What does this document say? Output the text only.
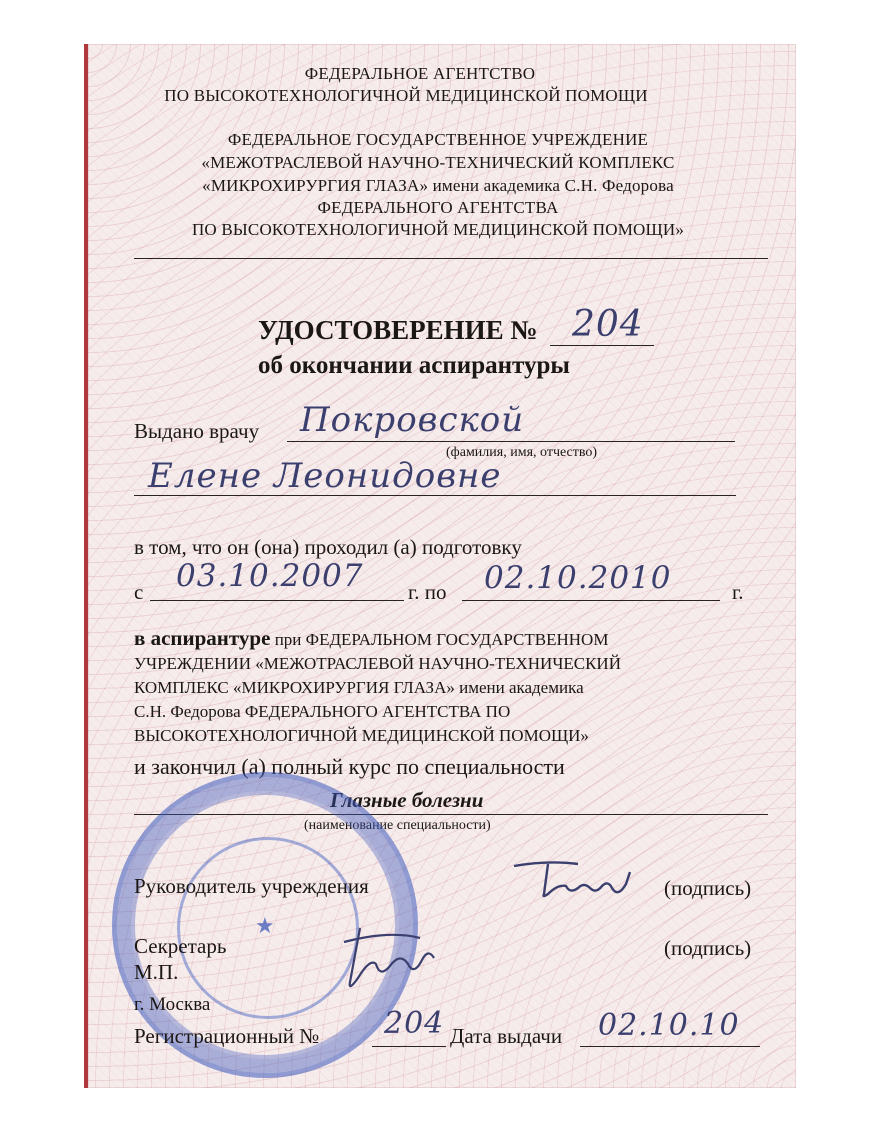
ФЕДЕРАЛЬНОЕ АГЕНТСТВО
ПО ВЫСОКОТЕХНОЛОГИЧНОЙ МЕДИЦИНСКОЙ ПОМОЩИ
ФЕДЕРАЛЬНОЕ ГОСУДАРСТВЕННОЕ УЧРЕЖДЕНИЕ
«МЕЖОТРАСЛЕВОЙ НАУЧНО-ТЕХНИЧЕСКИЙ КОМПЛЕКС
«МИКРОХИРУРГИЯ ГЛАЗА» имени академика С.Н. Федорова
ФЕДЕРАЛЬНОГО АГЕНТСТВА
ПО ВЫСОКОТЕХНОЛОГИЧНОЙ МЕДИЦИНСКОЙ ПОМОЩИ»
УДОСТОВЕРЕНИЕ № 204
об окончании аспирантуры
Выдано врачу Покровской
(фамилия, имя, отчество)
Елене Леонидовне
в том, что он (она) проходил (а) подготовку
с 03.10.2007 г. по 02.10.2010	г.
в аспирантуре при ФЕДЕРАЛЬНОМ ГОСУДАРСТВЕННОМ
УЧРЕЖДЕНИИ «МЕЖОТРАСЛЕВОЙ НАУЧНО-ТЕХНИЧЕСКИЙ
КОМПЛЕКС «МИКРОХИРУРГИЯ ГЛАЗА» имени академика
С.Н. Федорова ФЕДЕРАЛЬНОГО АГЕНТСТВА ПО
ВЫСОКОТЕХНОЛОГИЧНОЙ МЕДИЦИНСКОЙ ПОМОЩИ»
и закончил (а) полный курс по специальности
Глазные болезни
(наименование специальности)
★
Руководитель учреждения	(подпись)
Секретарь	(подпись)
М.П.
г. Москва
Регистрационный № 204 Дата выдачи 02.10.10
